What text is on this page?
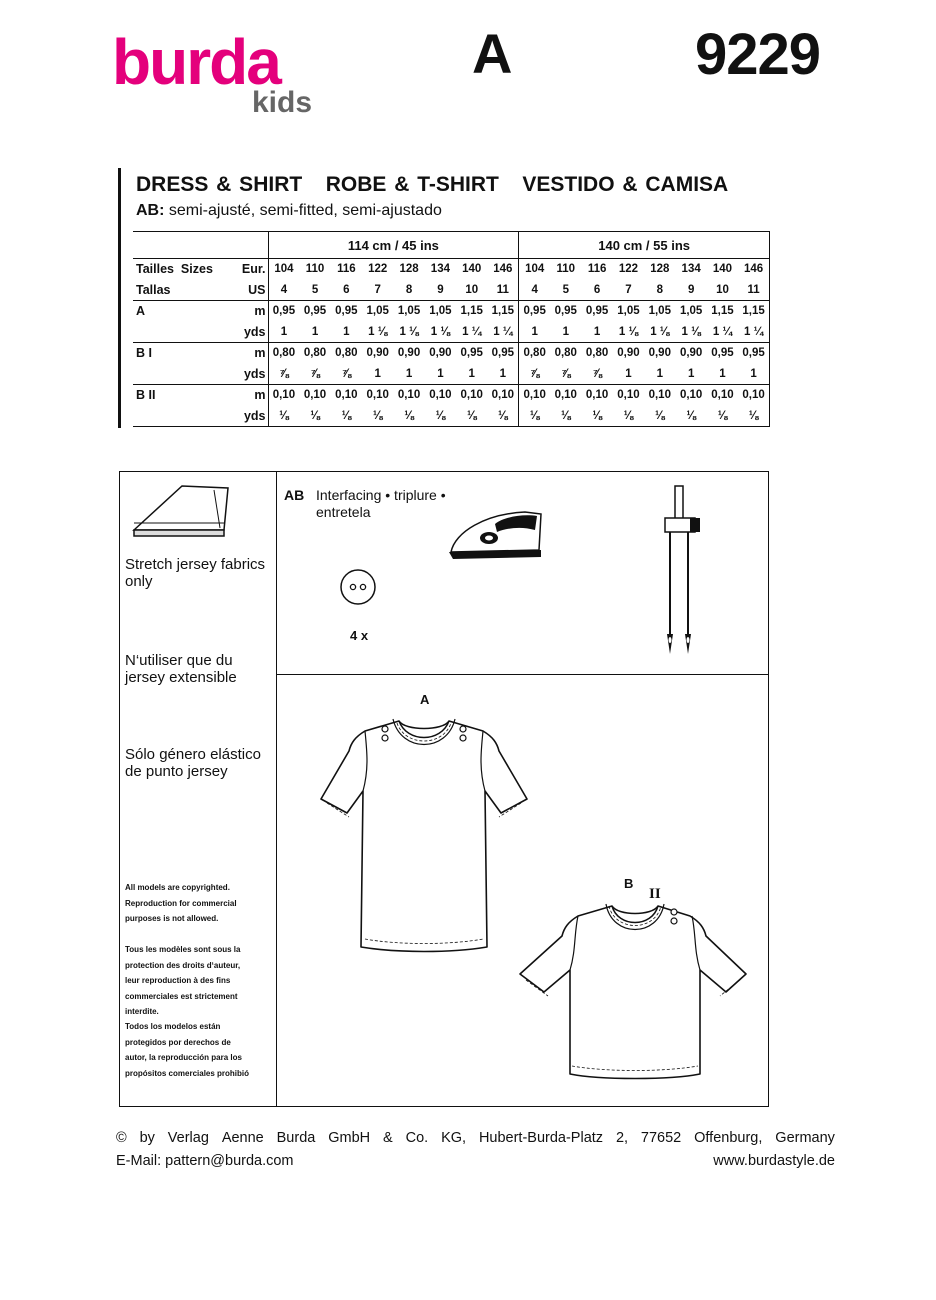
burda
kids
A	9229
DRESS & SHIRT   ROBE & T-SHIRT   VESTIDO & CAMISA
AB: semi-ajusté, semi-fitted, semi-ajustado
		114 cm / 45 ins								140 cm / 55 ins							
Tailles  Sizes	Eur.	104	110	116	122	128	134	140	146	104	110	116	122	128	134	140	146
Tallas	US	4	5	6	7	8	9	10	11	4	5	6	7	8	9	10	11
A	m	0,95	0,95	0,95	1,05	1,05	1,05	1,15	1,15	0,95	0,95	0,95	1,05	1,05	1,05	1,15	1,15
	yds	1	1	1	1 ⅛	1 ⅛	1 ⅛	1 ¼	1 ¼	1	1	1	1 ⅛	1 ⅛	1 ⅛	1 ¼	1 ¼
B I	m	0,80	0,80	0,80	0,90	0,90	0,90	0,95	0,95	0,80	0,80	0,80	0,90	0,90	0,90	0,95	0,95
	yds	⅞	⅞	⅞	1	1	1	1	1	⅞	⅞	⅞	1	1	1	1	1
B II	m	0,10	0,10	0,10	0,10	0,10	0,10	0,10	0,10	0,10	0,10	0,10	0,10	0,10	0,10	0,10	0,10
	yds	⅛	⅛	⅛	⅛	⅛	⅛	⅛	⅛	⅛	⅛	⅛	⅛	⅛	⅛	⅛	⅛
Stretch jersey fabrics only
N‘utiliser que du jersey extensible
Sólo género elástico de punto jersey
All models are copyrighted. Reproduction for commercial purposes is not allowed.
Tous les modèles sont sous la protection des droits d‘auteur, leur reproduction à des fins commerciales est strictement interdite.
Todos los modelos están protegidos por derechos de autor, la reproducción para los propósitos comerciales prohibió
AB Interfacing • triplure •
entretela
4 x
A
B
II
© by Verlag Aenne Burda GmbH & Co. KG, Hubert-Burda-Platz 2, 77652 Offenburg, Germany
E-Mail: pattern@burda.com	www.burdastyle.de
